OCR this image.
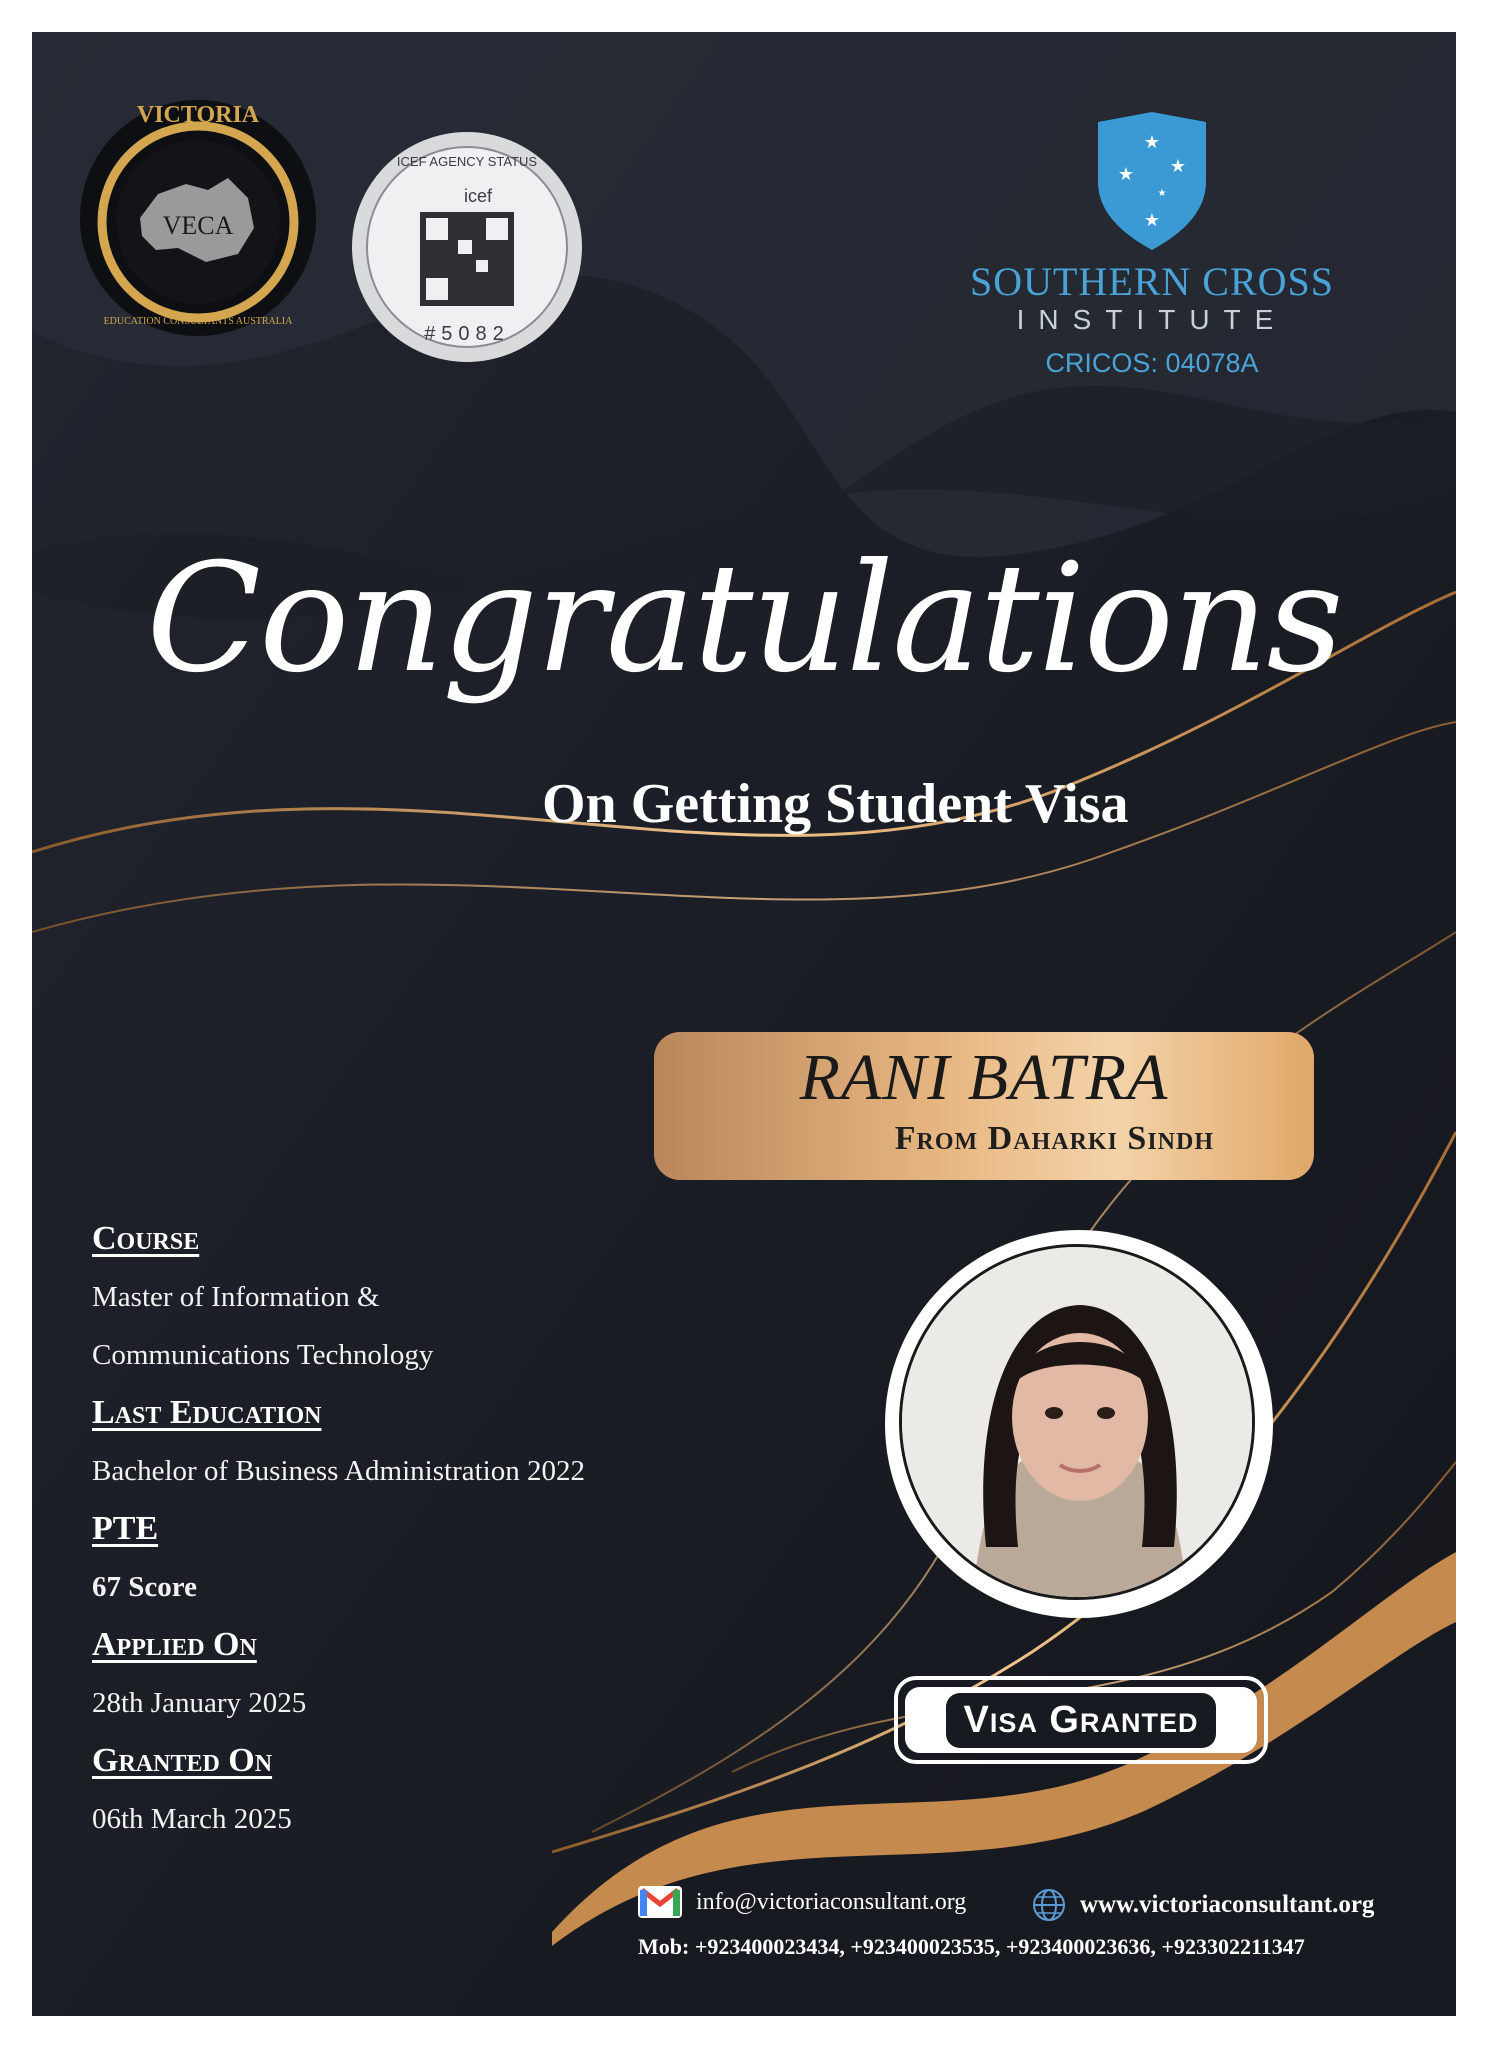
VECA
VICTORIA
EDUCATION CONSULTANTS AUSTRALIA
ICEF AGENCY STATUS
icef
#5082
★
★ ★
★
★
SOUTHERN CROSS
INSTITUTE
CRICOS: 04078A
Congratulations
On Getting Student Visa
RANI BATRA
From Daharki Sindh

Course

Master of Information &

Communications Technology

Last Education

Bachelor of Business Administration 2022

PTE

67 Score

Applied On

28th January 2025

Granted On

06th March 2025

Visa Granted
info@victoriaconsultant.org	www.victoriaconsultant.org
Mob: +923400023434, +923400023535, +923400023636, +923302211347
